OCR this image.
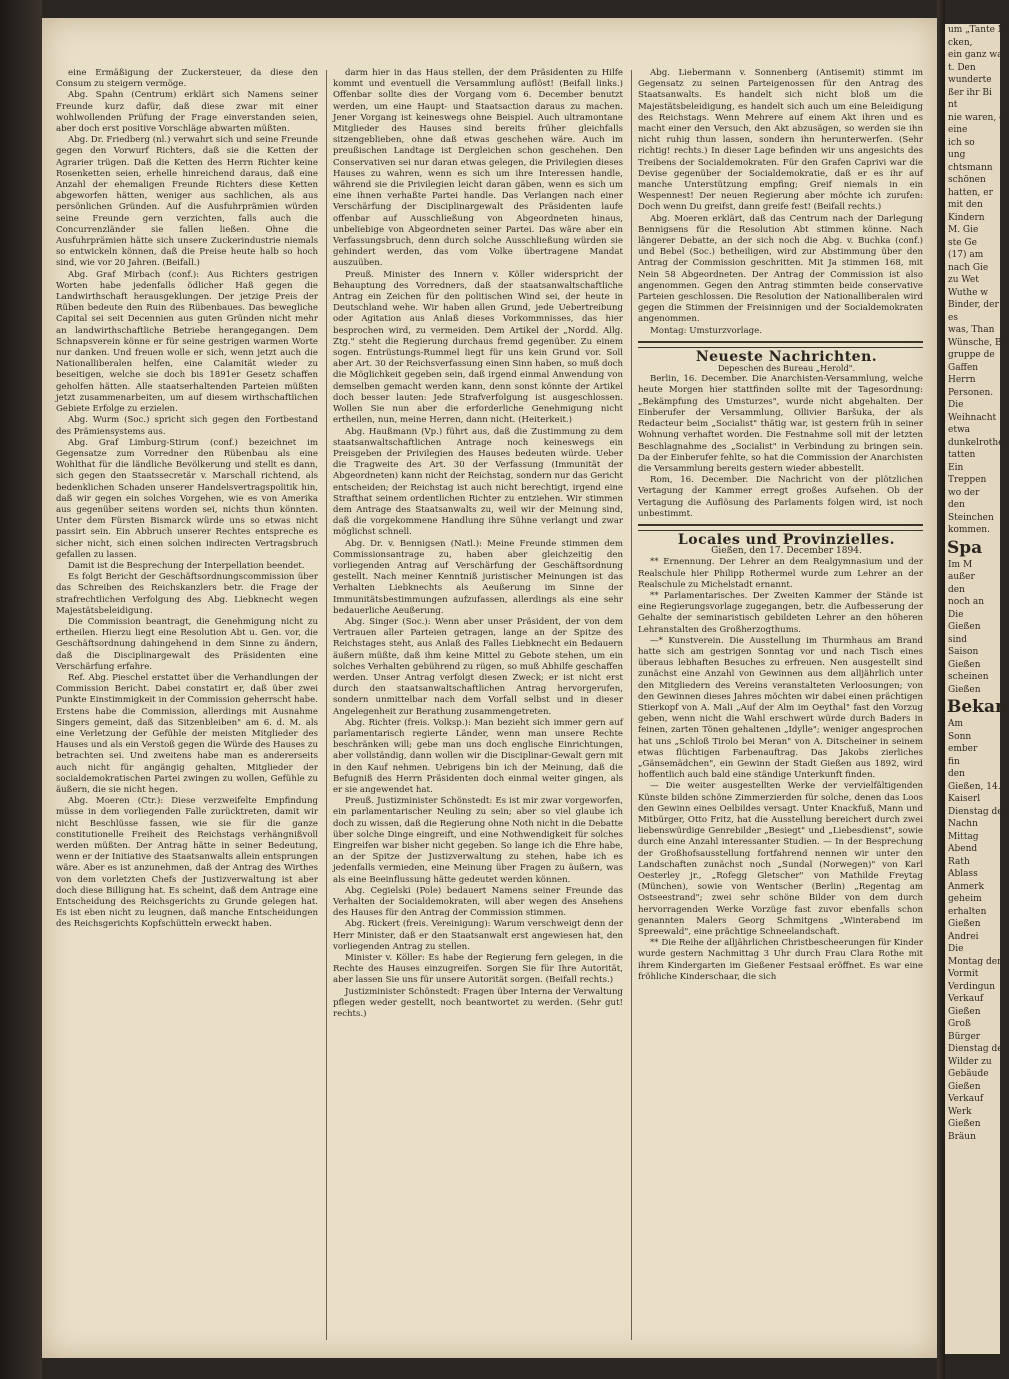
eine Ermäßigung der Zuckersteuer, da diese den Consum zu steigern vermöge.

Abg. Spahn (Centrum) erklärt sich Namens seiner Freunde kurz dafür, daß diese zwar mit einer wohlwollenden Prüfung der Frage einverstanden seien, aber doch erst positive Vorschläge abwarten müßten.

Abg. Dr. Friedberg (nl.) verwahrt sich und seine Freunde gegen den Vorwurf Richters, daß sie die Ketten der Agrarier trügen. Daß die Ketten des Herrn Richter keine Rosenketten seien, erhelle hinreichend daraus, daß eine Anzahl der ehemaligen Freunde Richters diese Ketten abgeworfen hätten, weniger aus sachlichen, als aus persönlichen Gründen. Auf die Ausfuhrprämien würden seine Freunde gern verzichten, falls auch die Concurrenzländer sie fallen ließen. Ohne die Ausfuhrprämien hätte sich unsere Zuckerindustrie niemals so entwickeln können, daß die Preise heute halb so hoch sind, wie vor 20 Jahren. (Beifall.)

Abg. Graf Mirbach (conf.): Aus Richters gestrigen Worten habe jedenfalls ödlicher Haß gegen die Landwirthschaft herausgeklungen. Der jetzige Preis der Rüben bedeute den Ruin des Rübenbaues. Das bewegliche Capital sei seit Decennien aus guten Gründen nicht mehr an landwirthschaftliche Betriebe herangegangen. Dem Schnapsverein könne er für seine gestrigen warmen Worte nur danken. Und freuen wolle er sich, wenn jetzt auch die Nationalliberalen helfen, eine Calamität wieder zu beseitigen, welche sie doch bis 1891er Gesetz schaffen geholfen hätten. Alle staatserhaltenden Parteien müßten jetzt zusammenarbeiten, um auf diesem wirthschaftlichen Gebiete Erfolge zu erzielen.

Abg. Wurm (Soc.) spricht sich gegen den Fortbestand des Prämiensystems aus.

Abg. Graf Limburg-Stirum (conf.) bezeichnet im Gegensatze zum Vorredner den Rübenbau als eine Wohlthat für die ländliche Bevölkerung und stellt es dann, sich gegen den Staatssecretär v. Marschall richtend, als bedenklichen Schaden unserer Handelsvertragspolitik hin, daß wir gegen ein solches Vorgehen, wie es von Amerika aus gegenüber seitens worden sei, nichts thun könnten. Unter dem Fürsten Bismarck würde uns so etwas nicht passirt sein. Ein Abbruch unserer Rechtes entspreche es sicher nicht, sich einen solchen indirecten Vertragsbruch gefallen zu lassen.

Damit ist die Besprechung der Interpellation beendet.

Es folgt Bericht der Geschäftsordnungscommission über das Schreiben des Reichskanzlers betr. die Frage der strafrechtlichen Verfolgung des Abg. Liebknecht wegen Majestätsbeleidigung.

Die Commission beantragt, die Genehmigung nicht zu ertheilen. Hierzu liegt eine Resolution Abt u. Gen. vor, die Geschäftsordnung dahingehend in dem Sinne zu ändern, daß die Disciplinargewalt des Präsidenten eine Verschärfung erfahre.

Ref. Abg. Pieschel erstattet über die Verhandlungen der Commission Bericht. Dabei constatirt er, daß über zwei Punkte Einstimmigkeit in der Commission geherrscht habe. Erstens habe die Commission, allerdings mit Ausnahme Singers gemeint, daß das Sitzenbleiben" am 6. d. M. als eine Verletzung der Gefühle der meisten Mitglieder des Hauses und als ein Verstoß gegen die Würde des Hauses zu betrachten sei. Und zweitens habe man es andererseits auch nicht für angängig gehalten, Mitglieder der socialdemokratischen Partei zwingen zu wollen, Gefühle zu äußern, die sie nicht hegen.

Abg. Moeren (Ctr.): Diese verzweifelte Empfindung müsse in dem vorliegenden Falle zurücktreten, damit wir nicht Beschlüsse fassen, wie sie für die ganze constitutionelle Freiheit des Reichstags verhängnißvoll werden müßten. Der Antrag hätte in seiner Bedeutung, wenn er der Initiative des Staatsanwalts allein entsprungen wäre. Aber es ist anzunehmen, daß der Antrag des Wirthes von dem vorletzten Chefs der Justizverwaltung ist aber doch diese Billigung hat. Es scheint, daß dem Antrage eine Entscheidung des Reichsgerichts zu Grunde gelegen hat. Es ist eben nicht zu leugnen, daß manche Entscheidungen des Reichsgerichts Kopfschütteln erweckt haben.

darm hier in das Haus stellen, der dem Präsidenten zu Hilfe kommt und eventuell die Versammlung auflöst! (Beifall links.) Offenbar sollte dies der Vorgang vom 6. December benutzt werden, um eine Haupt- und Staatsaction daraus zu machen. Jener Vorgang ist keineswegs ohne Beispiel. Auch ultramontane Mitglieder des Hauses sind bereits früher gleichfalls sitzengeblieben, ohne daß etwas geschehen wäre. Auch im preußischen Landtage ist Dergleichen schon geschehen. Den Conservativen sei nur daran etwas gelegen, die Privilegien dieses Hauses zu wahren, wenn es sich um ihre Interessen handle, während sie die Privilegien leicht daran gäben, wenn es sich um eine ihnen verhaßte Partei handle. Das Verlangen nach einer Verschärfung der Disciplinargewalt des Präsidenten laufe offenbar auf Ausschließung von Abgeordneten hinaus, unbeliebige von Abgeordneten seiner Partei. Das wäre aber ein Verfassungsbruch, denn durch solche Ausschließung würden sie gehindert werden, das vom Volke übertragene Mandat auszuüben.

Preuß. Minister des Innern v. Köller widerspricht der Behauptung des Vorredners, daß der staatsanwaltschaftliche Antrag ein Zeichen für den politischen Wind sei, der heute in Deutschland wehe. Wir haben allen Grund, jede Uebertreibung oder Agitation aus Anlaß dieses Vorkommnisses, das hier besprochen wird, zu vermeiden. Dem Artikel der „Nordd. Allg. Ztg." steht die Regierung durchaus fremd gegenüber. Zu einem sogen. Entrüstungs-Rummel liegt für uns kein Grund vor. Soll aber Art. 30 der Reichsverfassung einen Sinn haben, so muß doch die Möglichkeit gegeben sein, daß irgend einmal Anwendung von demselben gemacht werden kann, denn sonst könnte der Artikel doch besser lauten: Jede Strafverfolgung ist ausgeschlossen. Wollen Sie nun aber die erforderliche Genehmigung nicht ertheilen, nun, meine Herren, dann nicht. (Heiterkeit.)

Abg. Haußmann (Vp.) führt aus, daß die Zustimmung zu dem staatsanwaltschaftlichen Antrage noch keineswegs ein Preisgeben der Privilegien des Hauses bedeuten würde. Ueber die Tragweite des Art. 30 der Verfassung (Immunität der Abgeordneten) kann nicht der Reichstag, sondern nur das Gericht entscheiden; der Reichstag ist auch nicht berechtigt, irgend eine Strafthat seinem ordentlichen Richter zu entziehen. Wir stimmen dem Antrage des Staatsanwalts zu, weil wir der Meinung sind, daß die vorgekommene Handlung ihre Sühne verlangt und zwar möglichst schnell.

Abg. Dr. v. Bennigsen (Natl.): Meine Freunde stimmen dem Commissionsantrage zu, haben aber gleichzeitig den vorliegenden Antrag auf Verschärfung der Geschäftsordnung gestellt. Nach meiner Kenntniß juristischer Meinungen ist das Verhalten Liebknechts als Aeußerung im Sinne der Immunitätsbestimmungen aufzufassen, allerdings als eine sehr bedauerliche Aeußerung.

Abg. Singer (Soc.): Wenn aber unser Präsident, der von dem Vertrauen aller Parteien getragen, lange an der Spitze des Reichstages steht, aus Anlaß des Falles Liebknecht ein Bedauern äußern müßte, daß ihm keine Mittel zu Gebote stehen, um ein solches Verhalten gebührend zu rügen, so muß Abhilfe geschaffen werden. Unser Antrag verfolgt diesen Zweck; er ist nicht erst durch den staatsanwaltschaftlichen Antrag hervorgerufen, sondern unmittelbar nach dem Vorfall selbst und in dieser Angelegenheit zur Berathung zusammengetreten.

Abg. Richter (freis. Volksp.): Man bezieht sich immer gern auf parlamentarisch regierte Länder, wenn man unsere Rechte beschränken will; gebe man uns doch englische Einrichtungen, aber vollständig, dann wollen wir die Disciplinar-Gewalt gern mit in den Kauf nehmen. Uebrigens bin ich der Meinung, daß die Befugniß des Herrn Präsidenten doch einmal weiter gingen, als er sie angewendet hat.

Preuß. Justizminister Schönstedt: Es ist mir zwar vorgeworfen, ein parlamentarischer Neuling zu sein; aber so viel glaube ich doch zu wissen, daß die Regierung ohne Noth nicht in die Debatte über solche Dinge eingreift, und eine Nothwendigkeit für solches Eingreifen war bisher nicht gegeben. So lange ich die Ehre habe, an der Spitze der Justizverwaltung zu stehen, habe ich es jedenfalls vermieden, eine Meinung über Fragen zu äußern, was als eine Beeinflussung hätte gedeutet werden können.

Abg. Cegielski (Pole) bedauert Namens seiner Freunde das Verhalten der Socialdemokraten, will aber wegen des Ansehens des Hauses für den Antrag der Commission stimmen.

Abg. Rickert (freis. Vereinigung): Warum verschweigt denn der Herr Minister, daß er den Staatsanwalt erst angewiesen hat, den vorliegenden Antrag zu stellen.

Minister v. Köller: Es habe der Regierung fern gelegen, in die Rechte des Hauses einzugreifen. Sorgen Sie für Ihre Autorität, aber lassen Sie uns für unsere Autorität sorgen. (Beifall rechts.)

Justizminister Schönstedt: Fragen über Interna der Verwaltung pflegen weder gestellt, noch beantwortet zu werden. (Sehr gut! rechts.)

Abg. Liebermann v. Sonnenberg (Antisemit) stimmt im Gegensatz zu seinen Parteigenossen für den Antrag des Staatsanwalts. Es handelt sich nicht bloß um die Majestätsbeleidigung, es handelt sich auch um eine Beleidigung des Reichstags. Wenn Mehrere auf einem Akt ihren und es macht einer den Versuch, den Akt abzusägen, so werden sie ihn nicht ruhig thun lassen, sondern ihn herunterwerfen. (Sehr richtig! rechts.) In dieser Lage befinden wir uns angesichts des Treibens der Socialdemokraten. Für den Grafen Caprivi war die Devise gegenüber der Socialdemokratie, daß er es ihr auf manche Unterstützung empfing; Greif niemals in ein Wespennest! Der neuen Regierung aber möchte ich zurufen: Doch wenn Du greifst, dann greife fest! (Beifall rechts.)

Abg. Moeren erklärt, daß das Centrum nach der Darlegung Bennigsens für die Resolution Abt stimmen könne. Nach längerer Debatte, an der sich noch die Abg. v. Buchka (conf.) und Bebel (Soc.) betheiligen, wird zur Abstimmung über den Antrag der Commission geschritten. Mit Ja stimmen 168, mit Nein 58 Abgeordneten. Der Antrag der Commission ist also angenommen. Gegen den Antrag stimmten beide conservative Parteien geschlossen. Die Resolution der Nationalliberalen wird gegen die Stimmen der Freisinnigen und der Socialdemokraten angenommen.

Montag: Umsturzvorlage.

Neueste Nachrichten.

Depeschen des Bureau „Herold".

Berlin, 16. December. Die Anarchisten-Versammlung, welche heute Morgen hier stattfinden sollte mit der Tagesordnung: „Bekämpfung des Umsturzes", wurde nicht abgehalten. Der Einberufer der Versammlung, Ollivier Baršuka, der als Redacteur beim „Socialist" thätig war, ist gestern früh in seiner Wohnung verhaftet worden. Die Festnahme soll mit der letzten Beschlagnahme des „Socialist" in Verbindung zu bringen sein. Da der Einberufer fehlte, so hat die Commission der Anarchisten die Versammlung bereits gestern wieder abbestellt.

Rom, 16. December. Die Nachricht von der plötzlichen Vertagung der Kammer erregt großes Aufsehen. Ob der Vertagung die Auflösung des Parlaments folgen wird, ist noch unbestimmt.

Locales und Provinzielles.

Gießen, den 17. December 1894.

** Ernennung. Der Lehrer an dem Realgymnasium und der Realschule hier Philipp Rothermel wurde zum Lehrer an der Realschule zu Michelstadt ernannt.

** Parlamentarisches. Der Zweiten Kammer der Stände ist eine Regierungsvorlage zugegangen, betr. die Aufbesserung der Gehalte der seminaristisch gebildeten Lehrer an den höheren Lehranstalten des Großherzogthums.

—* Kunstverein. Die Ausstellung im Thurmhaus am Brand hatte sich am gestrigen Sonntag vor und nach Tisch eines überaus lebhaften Besuches zu erfreuen. Nen ausgestellt sind zunächst eine Anzahl von Gewinnen aus dem alljährlich unter den Mitgliedern des Vereins veranstalteten Verloosungen; von den Gewinnen dieses Jahres möchten wir dabei einen prächtigen Stierkopf von A. Mali „Auf der Alm im Oeythal" fast den Vorzug geben, wenn nicht die Wahl erschwert würde durch Baders in feinen, zarten Tönen gehaltenen „Idylle"; weniger angesprochen hat uns „Schloß Tirolo bei Meran" von A. Ditscheiner in seinem etwas flüchtigen Farbenauftrag. Das Jakobs zierliches „Gänsemädchen", ein Gewinn der Stadt Gießen aus 1892, wird hoffentlich auch bald eine ständige Unterkunft finden.

— Die weiter ausgestellten Werke der vervielfältigenden Künste bilden schöne Zimmerzierden für solche, denen das Loos den Gewinn eines Oelbildes versagt. Unter Knackfuß, Mann und Mitbürger, Otto Fritz, hat die Ausstellung bereichert durch zwei liebenswürdige Genrebilder „Besiegt" und „Liebesdienst", sowie durch eine Anzahl interessanter Studien. — In der Besprechung der Großhofsausstellung fortfahrend nennen wir unter den Landschaften zunächst noch „Sundal (Norwegen)" von Karl Oesterley jr., „Rofegg Gletscher" von Mathilde Freytag (München), sowie von Wentscher (Berlin) „Regentag am Ostseestrand"; zwei sehr schöne Bilder von dem durch hervorragenden Werke Vorzüge fast zuvor ebenfalls schon genannten Malers Georg Schmitgens „Winterabend im Spreewald", eine prächtige Schneelandschaft.

** Die Reihe der alljährlichen Christbescheerungen für Kinder wurde gestern Nachmittag 3 Uhr durch Frau Clara Rothe mit ihrem Kindergarten im Gießener Festsaal eröffnet. Es war eine fröhliche Kinderschaar, die sich

um „Tante M
cken,
ein ganz wa
t. Den
wunderte
ßer ihr Bi
nt
nie waren, e
eine
ich so
ung
chtsmann
schönen
hatten, er
mit den
Kindern
M. Gie
ste Ge
(17) am
nach Gie
zu Wet
Wuthe w
Binder, der
es
was, Than
Wünsche, Be
gruppe de
Gaffen
Herrn
Personen.
Die
Weihnacht
etwa
dunkelrothen
tatten
Ein
Treppen
wo der
den
Steinchen
kommen.
Spa
Im M
außer
den
noch an
Die
Gießen
sind
Saison
Gießen
scheinen
Gießen
Bekan
Am
Sonn
ember
fin
den
Gießen, 14.
Kaiserl
Dienstag den
Nachn
Mittag
Abend
Rath
Ablass
Anmerk
geheim
erhalten
Gießen
Andrei
Die
Montag den
Vormit
Verdingun
Verkauf
Gießen
Groß
Bürger
Dienstag den
Wilder zu
Gebäude
Gießen
Verkauf
Werk
Gießen
Bräun
